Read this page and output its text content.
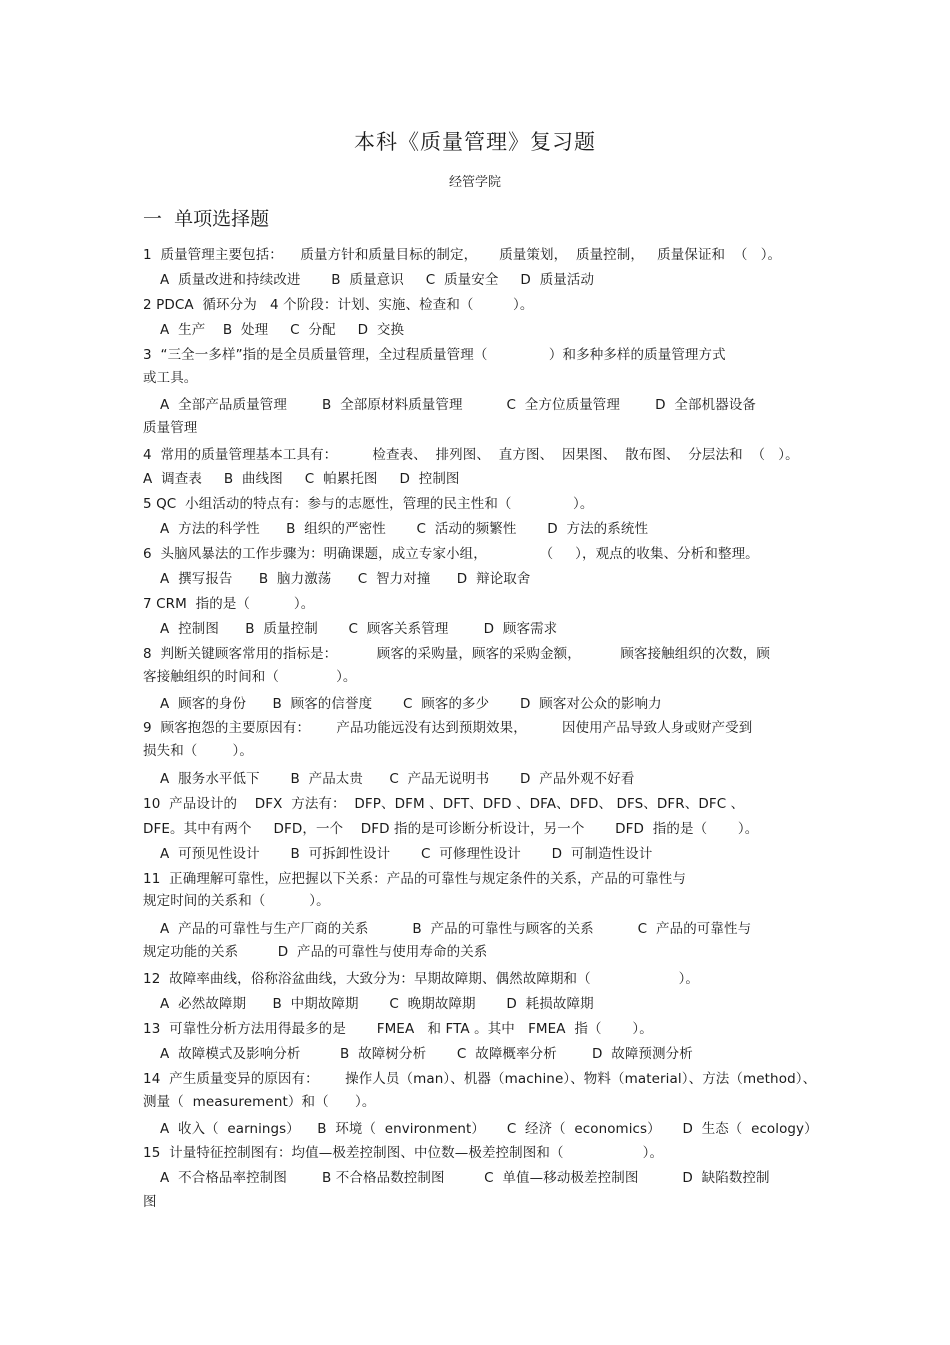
本科《质量管理》复习题
经管学院
一  单项选择题
1  质量管理主要包括：    质量方针和质量目标的制定，     质量策划，  质量控制，   质量保证和  （   ）。
A  质量改进和持续改进       B  质量意识     C  质量安全     D  质量活动
2 PDCA  循环分为   4 个阶段：计划、实施、检查和（         ）。
A  生产    B  处理     C  分配     D  交换
3  “三全一多样”指的是全员质量管理，全过程质量管理（              ）和多种多样的质量管理方式
或工具。
A  全部产品质量管理        B  全部原材料质量管理          C  全方位质量管理        D  全部机器设备
质量管理
4  常用的质量管理基本工具有：        检查表、  排列图、  直方图、  因果图、  散布图、  分层法和  （   ）。
A  调查表     B  曲线图     C  帕累托图     D  控制图
5 QC  小组活动的特点有：参与的志愿性，管理的民主性和（              ）。
A  方法的科学性      B  组织的严密性       C  活动的频繁性       D  方法的系统性
6  头脑风暴法的工作步骤为：明确课题，成立专家小组，            （     ），观点的收集、分析和整理。
A  撰写报告      B  脑力激荡      C  智力对撞      D  辩论取舍
7 CRM  指的是（          ）。
A  控制图      B  质量控制       C  顾客关系管理        D  顾客需求
8  判断关键顾客常用的指标是：         顾客的采购量，顾客的采购金额，         顾客接触组织的次数，顾
客接触组织的时间和（             ）。
A  顾客的身份      B  顾客的信誉度       C  顾客的多少       D  顾客对公众的影响力
9  顾客抱怨的主要原因有：      产品功能远没有达到预期效果，        因使用产品导致人身或财产受到
损失和（        ）。
A  服务水平低下       B  产品太贵      C  产品无说明书       D  产品外观不好看
10  产品设计的    DFX  方法有：  DFP、DFM 、DFT、DFD 、DFA、DFD、 DFS、DFR、DFC 、
DFE。其中有两个     DFD，一个    DFD 指的是可诊断分析设计，另一个       DFD  指的是（       ）。
A  可预见性设计       B  可拆卸性设计       C  可修理性设计       D  可制造性设计
11  正确理解可靠性，应把握以下关系：产品的可靠性与规定条件的关系，产品的可靠性与
规定时间的关系和（          ）。
A  产品的可靠性与生产厂商的关系          B  产品的可靠性与顾客的关系          C  产品的可靠性与
规定功能的关系         D  产品的可靠性与使用寿命的关系
12  故障率曲线，俗称浴盆曲线，大致分为：早期故障期、偶然故障期和（                    ）。
A  必然故障期      B  中期故障期       C  晚期故障期       D  耗损故障期
13  可靠性分析方法用得最多的是       FMEA   和 FTA 。其中   FMEA  指（       ）。
A  故障模式及影响分析         B  故障树分析       C  故障概率分析        D  故障预测分析
14  产生质量变异的原因有：      操作人员（man）、机器（machine）、物料（material）、方法（method）、
测量（  measurement）和（      ）。
A  收入（  earnings）    B  环境（  environment）     C  经济（  economics）     D  生态（  ecology）
15  计量特征控制图有：均值—极差控制图、中位数—极差控制图和（                  ）。
A  不合格品率控制图        B 不合格品数控制图         C  单值—移动极差控制图          D  缺陷数控制
图
